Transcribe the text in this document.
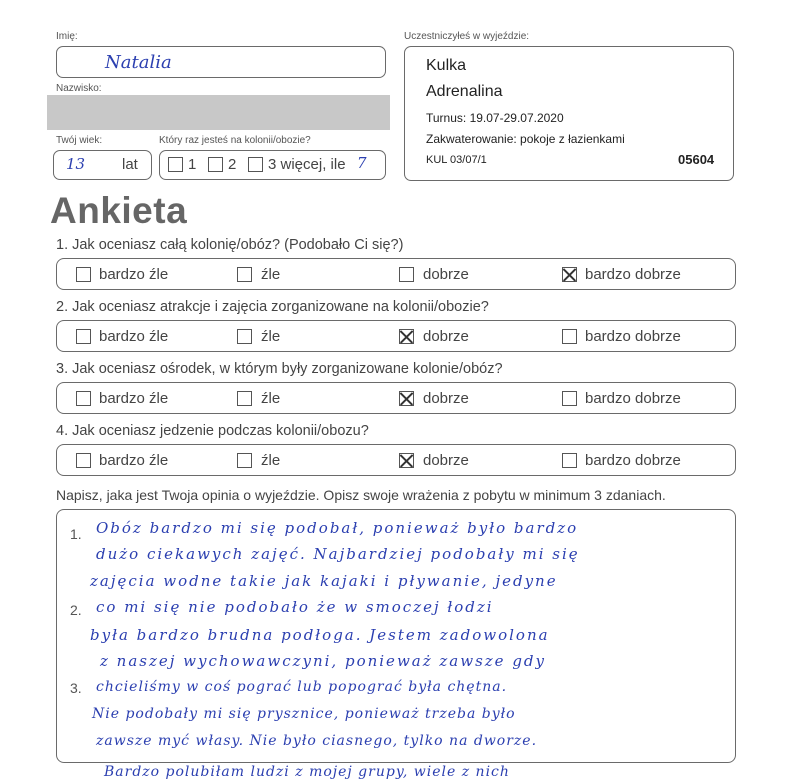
Imię:
Natalia
Nazwisko:
Twój wiek:	Który raz jesteś na kolonii/obozie?
13 lat	1 2 3 więcej, ile 7
Uczestniczyłeś w wyjeździe:
Kulka
Adrenalina
Turnus: 19.07-29.07.2020
Zakwaterowanie: pokoje z łazienkami
KUL 03/07/1	05604
Ankieta
1. Jak oceniasz całą kolonię/obóz? (Podobało Ci się?)
bardzo źle	źle	dobrze	bardzo dobrze
2. Jak oceniasz atrakcje i zajęcia zorganizowane na kolonii/obozie?
bardzo źle	źle	dobrze	bardzo dobrze
3. Jak oceniasz ośrodek, w którym były zorganizowane kolonie/obóz?
bardzo źle	źle	dobrze	bardzo dobrze
4. Jak oceniasz jedzenie podczas kolonii/obozu?
bardzo źle	źle	dobrze	bardzo dobrze
Napisz, jaka jest Twoja opinia o wyjeździe. Opisz swoje wrażenia z pobytu w minimum 3 zdaniach.
1.
2.
3.
Obóz bardzo mi się podobał, ponieważ było bardzo
dużo ciekawych zajęć. Najbardziej podobały mi się
zajęcia wodne takie jak kajaki i pływanie, jedyne
co mi się nie podobało że w smoczej łodzi
była bardzo brudna podłoga. Jestem zadowolona
z naszej wychowawczyni, ponieważ zawsze gdy
chcieliśmy w coś pograć lub popograć była chętna.
Nie podobały mi się prysznice, ponieważ trzeba było
zawsze myć własy. Nie było ciasnego, tylko na dworze.
Bardzo polubiłam ludzi z mojej grupy, wiele z nich
